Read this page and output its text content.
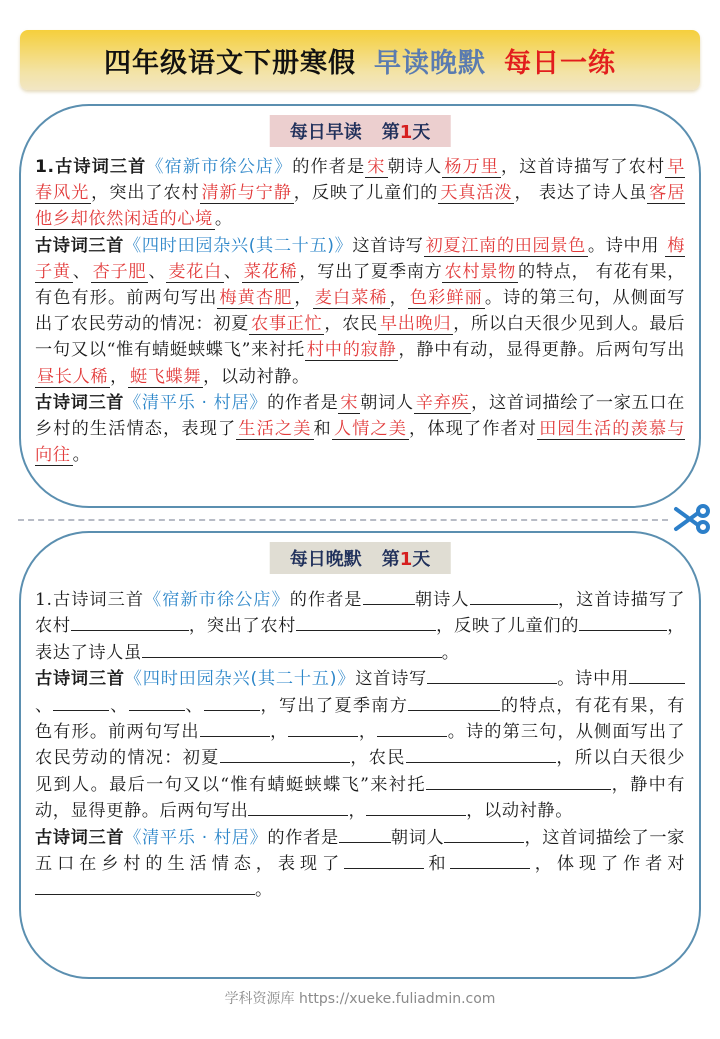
四年级语文下册寒假 早读晚默 每日一练
每日早读 第1天
1.古诗词三首《宿新市徐公店》的作者是 宋 朝诗人 杨万里 ，这首诗描写了农村 早春风光 ，突出了农村 清新与宁静 ，反映了儿童们的 天真活泼 ， 表达了诗人虽 客居他乡却依然闲适的心境 。
古诗词三首《四时田园杂兴(其二十五)》这首诗写 初夏江南的田园景色 。诗中用 梅子黄 、 杏子肥 、 麦花白 、 菜花稀 ，写出了夏季南方 农村景物 的特点， 有花有果，有色有形。前两句写出 梅黄杏肥 ， 麦白菜稀 ， 色彩鲜丽 。诗的第三句，从侧面写出了农民劳动的情况：初夏 农事正忙 ，农民 早出晚归 ，所以白天很少见到人。最后一句又以“惟有蜻蜓蛱蝶飞”来衬托 村中的寂静 ，静中有动，显得更静。后两句写出昼长人稀 ， 蜓飞蝶舞 ，以动衬静。
古诗词三首《清平乐 · 村居》的作者是 宋 朝词人 辛弃疾 ，这首词描绘了一家五口在乡村的生活情态，表现了 生活之美 和 人情之美 ，体现了作者对 田园生活的羡慕与向往 。
每日晚默 第1天
1.古诗词三首《宿新市徐公店》的作者是	朝诗人	，这首诗描写了农村	，突出了农村	，反映了儿童们的	， 表达了诗人虽	。
古诗词三首《四时田园杂兴(其二十五)》这首诗写	。诗中用、	、	、	，写出了夏季南方	的特点，有花有果，有色有形。前两句写出	，	，	。诗的第三句，从侧面写出了农民劳动的情况：初夏	，农民	，所以白天很少见到人。最后一句又以“惟有蜻蜓蛱蝶飞”来衬托	，静中有动，显得更静。后两句写出	，	，以动衬静。
古诗词三首《清平乐 · 村居》的作者是	朝词人	，这首词描绘了一家五口在乡村的生活情态，表现了	和	，体现了作者对。
学科资源库 https://xueke.fuliadmin.com
